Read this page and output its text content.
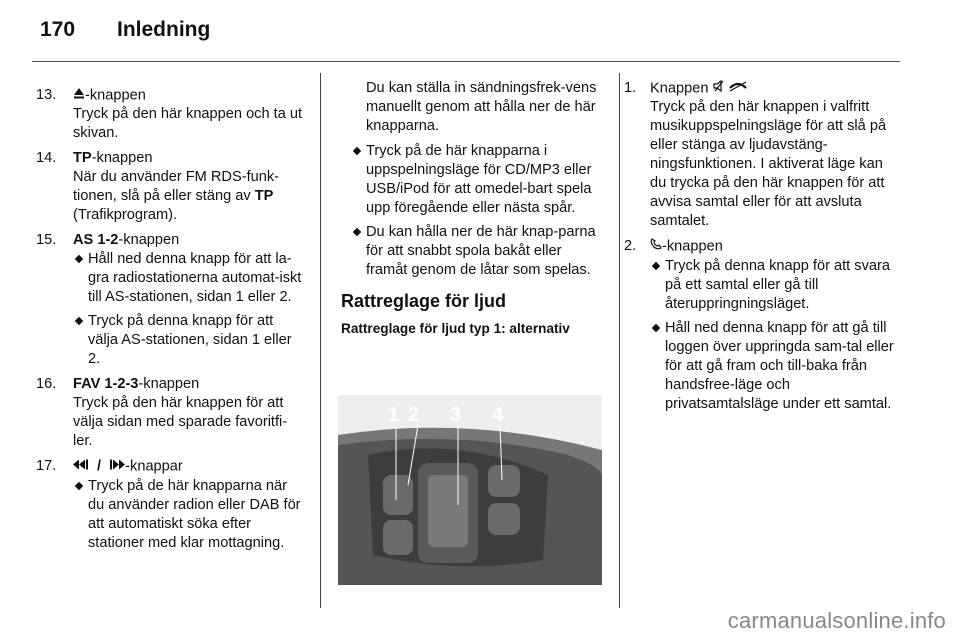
170 Inledning
13. -knappen
Tryck på den här knappen och ta ut skivan.
14. TP-knappen
När du använder FM RDS-funk-tionen, slå på eller stäng av TP (Trafikprogram).
15. AS 1-2-knappen
Håll ned denna knapp för att la-gra radiostationerna automat-iskt till AS-stationen, sidan 1 eller 2.
Tryck på denna knapp för att välja AS-stationen, sidan 1 eller 2.
16. FAV 1-2-3-knappen
Tryck på den här knappen för att välja sidan med sparade favoritfi-ler.
17.	/ -knappar
Tryck på de här knapparna när du använder radion eller DAB för att automatiskt söka efter stationer med klar mottagning.
Du kan ställa in sändningsfrek-vens manuellt genom att hålla ner de här knapparna.
Tryck på de här knapparna i uppspelningsläge för CD/MP3 eller USB/iPod för att omedel-bart spela upp föregående eller nästa spår.
Du kan hålla ner de här knap-parna för att snabbt spola bakåt eller framåt genom de låtar som spelas.
Rattreglage för ljud
Rattreglage för ljud typ 1: alternativ
1 2 3 4
1. Knappen
Tryck på den här knappen i valfritt musikuppspelningsläge för att slå på eller stänga av ljudavstäng-ningsfunktionen. I aktiverat läge kan du trycka på den här knappen för att avvisa samtal eller för att avsluta samtalet.
2. -knappen
Tryck på denna knapp för att svara på ett samtal eller gå till återuppringningsläget.
Håll ned denna knapp för att gå till loggen över uppringda sam-tal eller för att gå fram och till-baka från handsfree-läge och privatsamtalsläge under ett samtal.
carmanualsonline.info
